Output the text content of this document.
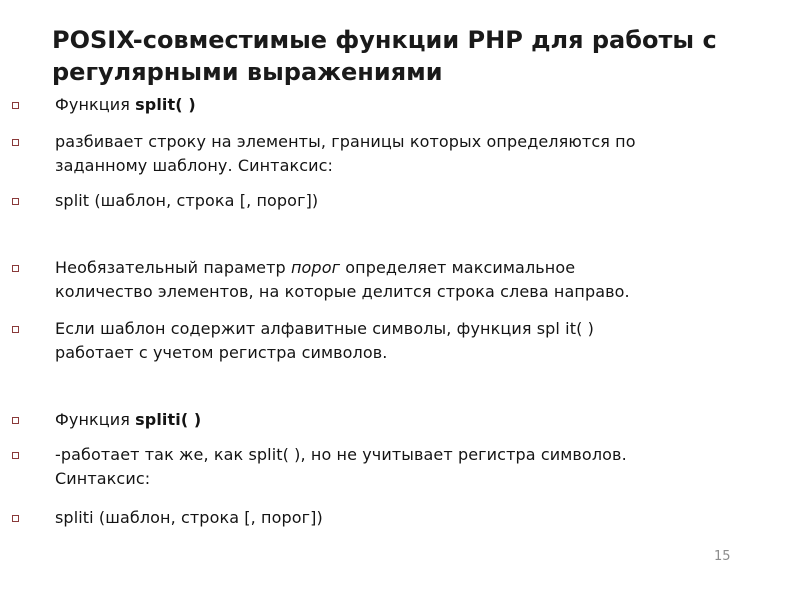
POSIX-совместимые функции PHP для работы с
регулярными выражениями
Функция split( )
разбивает строку на элементы, границы которых определяются по
заданному шаблону. Синтаксис:
split (шаблон, строка [, порог])
Необязательный параметр порог определяет максимальное
количество элементов, на которые делится строка слева направо.
Если шаблон содержит алфавитные символы, функция spl it( )
работает с учетом регистра символов.
Функция spliti( )
-работает так же, как split( ), но не учитывает регистра символов.
Синтаксис:
spliti (шаблон, строка [, порог])
15
